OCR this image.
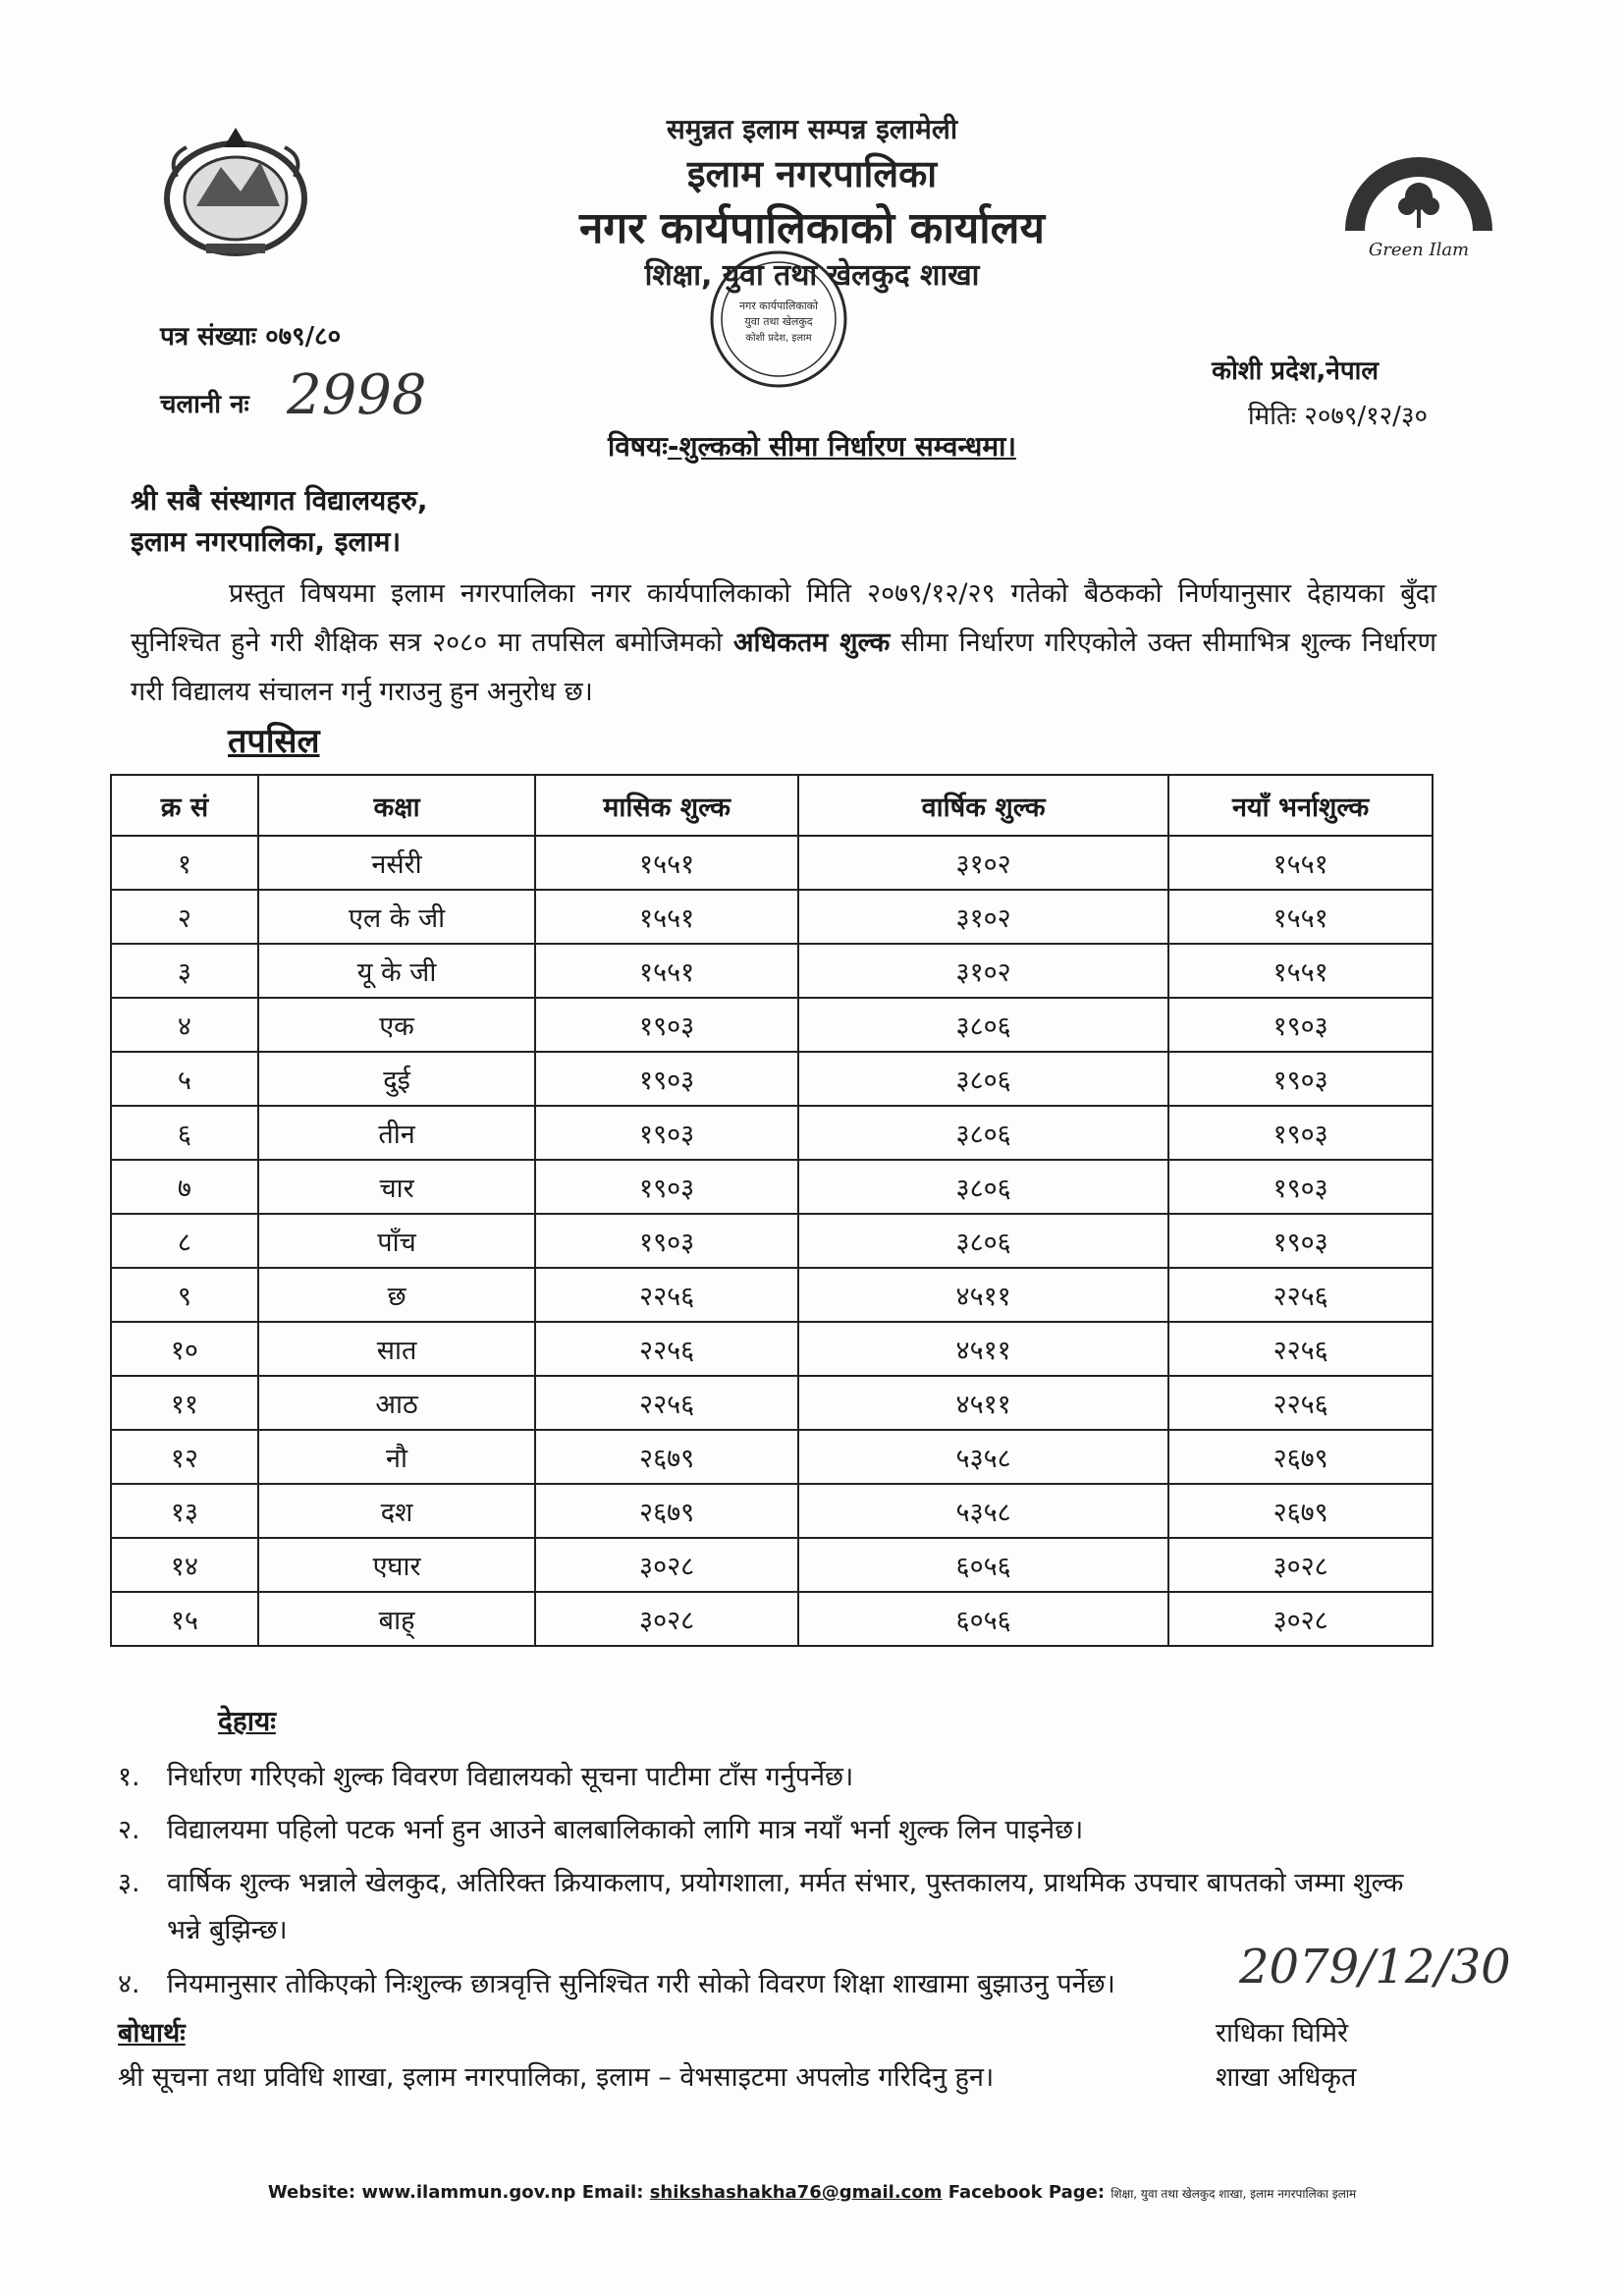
Green Ilam
नगर कार्यपालिकाको
युवा तथा खेलकुद
कोशी प्रदेश, इलाम
समुन्नत इलाम सम्पन्न इलामेली
इलाम नगरपालिका
नगर कार्यपालिकाको कार्यालय
शिक्षा, युवा तथा खेलकुद शाखा
पत्र संख्याः ०७९/८०
चलानी नः 2998	कोशी प्रदेश,नेपाल
मितिः २०७९/१२/३०
विषयः-शुल्कको सीमा निर्धारण सम्वन्धमा।
श्री सबै संस्थागत विद्यालयहरु,
इलाम नगरपालिका, इलाम।
प्रस्तुत विषयमा इलाम नगरपालिका नगर कार्यपालिकाको मिति २०७९/१२/२९ गतेको बैठकको निर्णयानुसार देहायका बुँदा सुनिश्चित हुने गरी शैक्षिक सत्र २०८० मा तपसिल बमोजिमको अधिकतम शुल्क सीमा निर्धारण गरिएकोले उक्त सीमाभित्र शुल्क निर्धारण गरी विद्यालय संचालन गर्नु गराउनु हुन अनुरोध छ।
तपसिल
क्र सं	कक्षा	मासिक शुल्क	वार्षिक शुल्क	नयाँ भर्नाशुल्क
१	नर्सरी	१५५१	३१०२	१५५१
२	एल के जी	१५५१	३१०२	१५५१
३	यू के जी	१५५१	३१०२	१५५१
४	एक	१९०३	३८०६	१९०३
५	दुई	१९०३	३८०६	१९०३
६	तीन	१९०३	३८०६	१९०३
७	चार	१९०३	३८०६	१९०३
८	पाँच	१९०३	३८०६	१९०३
९	छ	२२५६	४५११	२२५६
१०	सात	२२५६	४५११	२२५६
११	आठ	२२५६	४५११	२२५६
१२	नौ	२६७९	५३५८	२६७९
१३	दश	२६७९	५३५८	२६७९
१४	एघार	३०२८	६०५६	३०२८
१५	बाह्	३०२८	६०५६	३०२८
देहायः
१. निर्धारण गरिएको शुल्क विवरण विद्यालयको सूचना पाटीमा टाँस गर्नुपर्नेछ।
२. विद्यालयमा पहिलो पटक भर्ना हुन आउने बालबालिकाको लागि मात्र नयाँ भर्ना शुल्क लिन पाइनेछ।
३. वार्षिक शुल्क भन्नाले खेलकुद, अतिरिक्त क्रियाकलाप, प्रयोगशाला, मर्मत संभार, पुस्तकालय, प्राथमिक उपचार बापतको जम्मा शुल्क भन्ने बुझिन्छ।
४. नियमानुसार तोकिएको निःशुल्क छात्रवृत्ति सुनिश्चित गरी सोको विवरण शिक्षा शाखामा बुझाउनु पर्नेछ।
बोधार्थः
श्री सूचना तथा प्रविधि शाखा, इलाम नगरपालिका, इलाम – वेभसाइटमा अपलोड गरिदिनु हुन।
2079/12/30
राधिका घिमिरे
शाखा अधिकृत
Website: www.ilammun.gov.np Email: shikshashakha76@gmail.com Facebook Page: शिक्षा, युवा तथा खेलकुद शाखा, इलाम नगरपालिका इलाम
